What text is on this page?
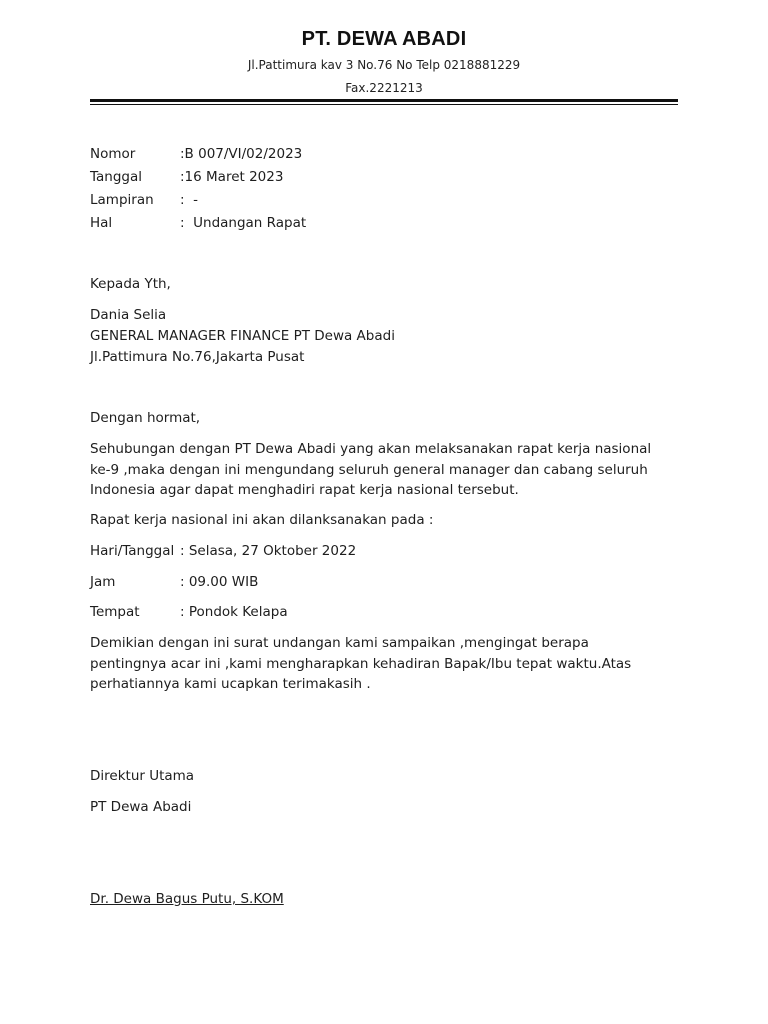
PT. DEWA ABADI
Jl.Pattimura kav 3 No.76 No Telp 0218881229
Fax.2221213
Nomor	:B 007/VI/02/2023
Tanggal	:16 Maret 2023
Lampiran :  -
Hal	:  Undangan Rapat
Kepada Yth,
Dania Selia
GENERAL MANAGER FINANCE PT Dewa Abadi
Jl.Pattimura No.76,Jakarta Pusat
Dengan hormat,
Sehubungan dengan PT Dewa Abadi yang akan melaksanakan rapat kerja nasional ke-9 ,maka dengan ini mengundang seluruh general manager dan cabang seluruh Indonesia agar dapat menghadiri rapat kerja nasional tersebut.
Rapat kerja nasional ini akan dilanksanakan pada :
Hari/Tanggal : Selasa, 27 Oktober 2022
Jam	: 09.00 WIB
Tempat	: Pondok Kelapa
Demikian dengan ini surat undangan kami sampaikan ,mengingat berapa pentingnya acar ini ,kami mengharapkan kehadiran Bapak/Ibu tepat waktu.Atas perhatiannya kami ucapkan terimakasih .
Direktur Utama
PT Dewa Abadi
Dr. Dewa Bagus Putu, S.KOM
